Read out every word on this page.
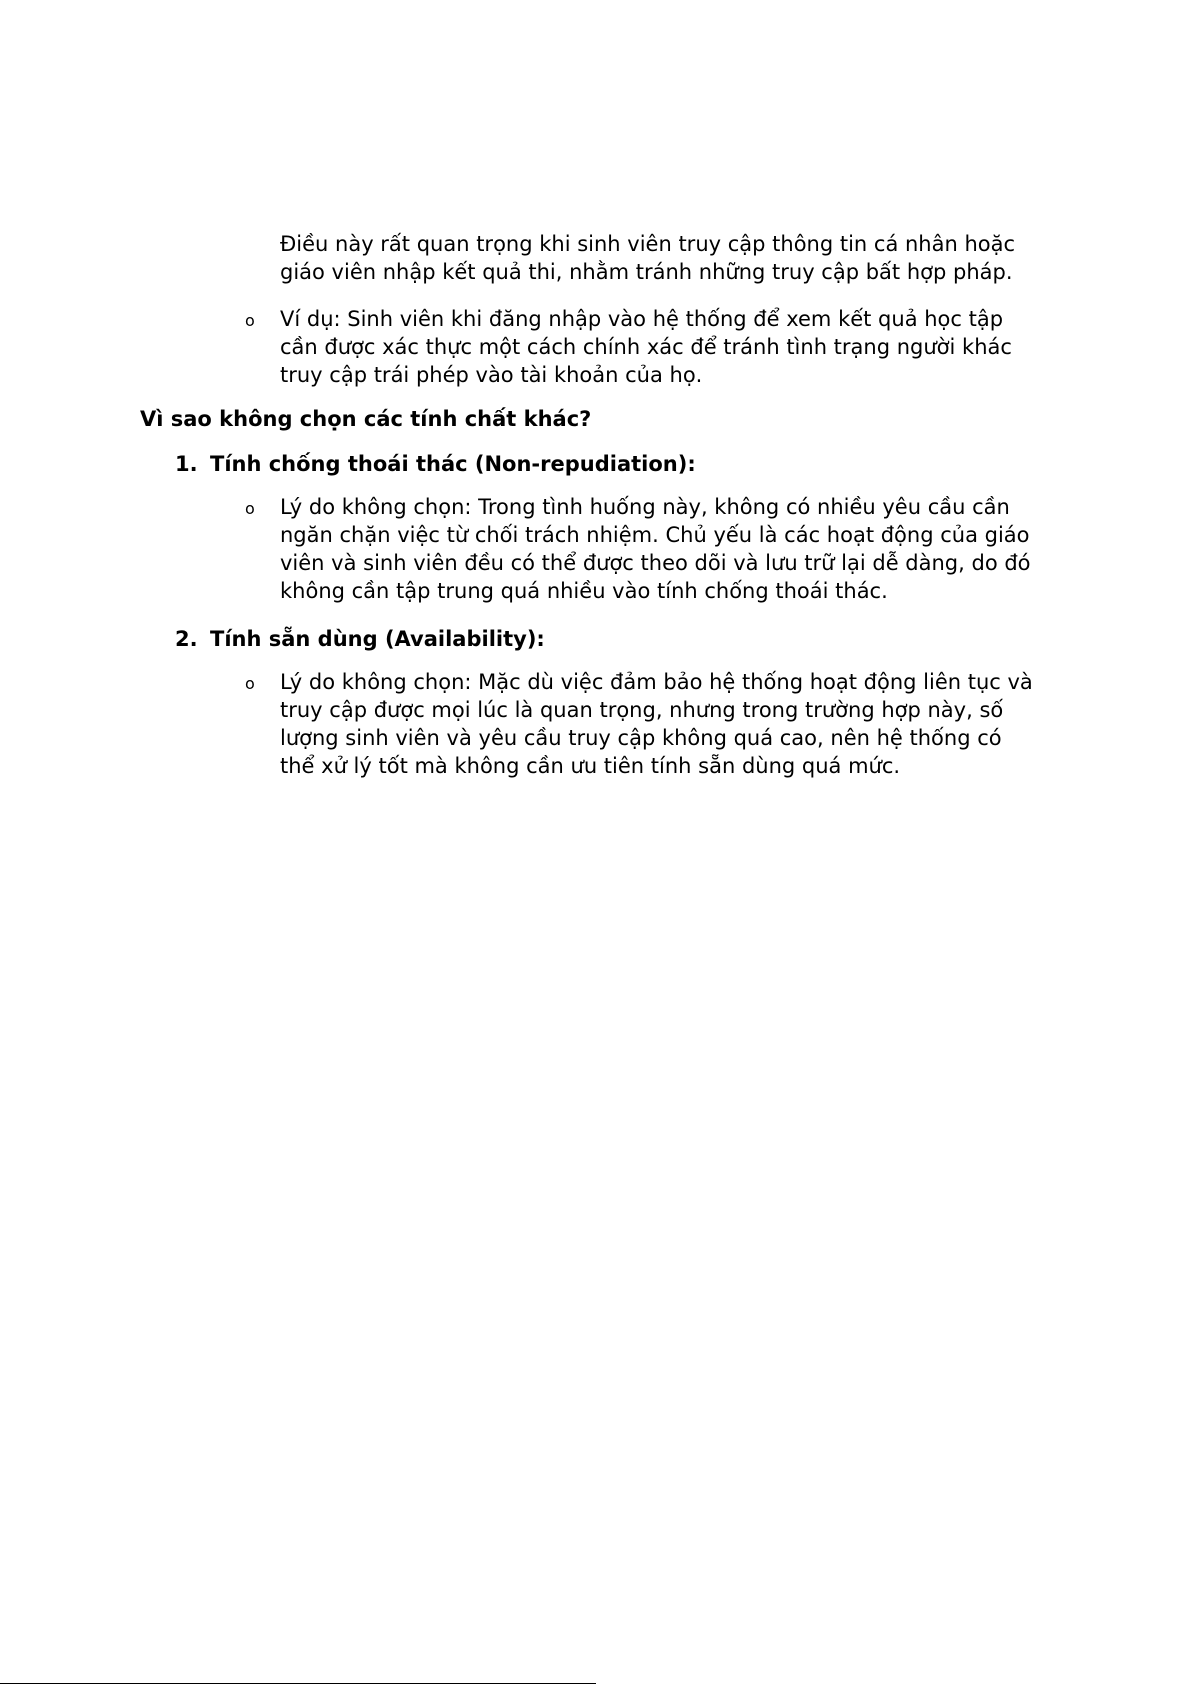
Điều này rất quan trọng khi sinh viên truy cập thông tin cá nhân hoặc
giáo viên nhập kết quả thi, nhằm tránh những truy cập bất hợp pháp.
o Ví dụ: Sinh viên khi đăng nhập vào hệ thống để xem kết quả học tập
cần được xác thực một cách chính xác để tránh tình trạng người khác
truy cập trái phép vào tài khoản của họ.
Vì sao không chọn các tính chất khác?
1. Tính chống thoái thác (Non-repudiation):
o Lý do không chọn: Trong tình huống này, không có nhiều yêu cầu cần
ngăn chặn việc từ chối trách nhiệm. Chủ yếu là các hoạt động của giáo
viên và sinh viên đều có thể được theo dõi và lưu trữ lại dễ dàng, do đó
không cần tập trung quá nhiều vào tính chống thoái thác.
2. Tính sẵn dùng (Availability):
o Lý do không chọn: Mặc dù việc đảm bảo hệ thống hoạt động liên tục và
truy cập được mọi lúc là quan trọng, nhưng trong trường hợp này, số
lượng sinh viên và yêu cầu truy cập không quá cao, nên hệ thống có
thể xử lý tốt mà không cần ưu tiên tính sẵn dùng quá mức.
